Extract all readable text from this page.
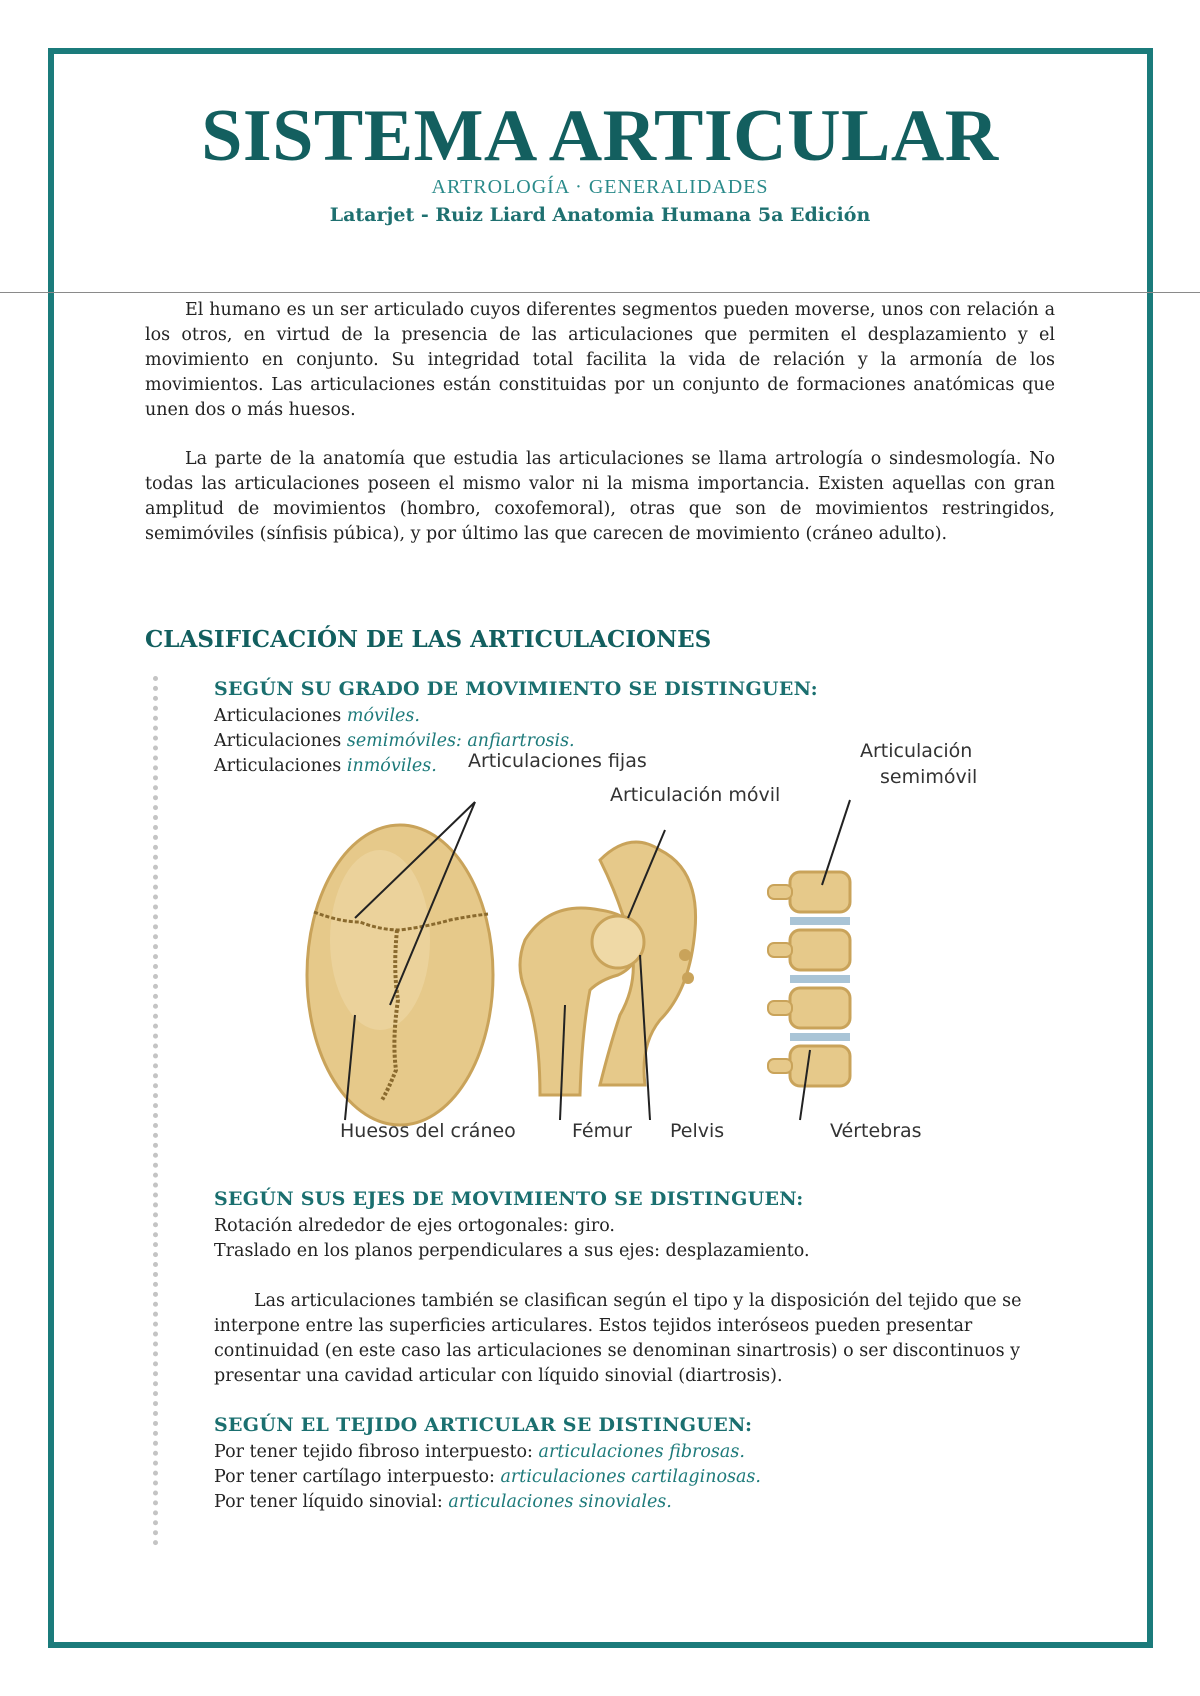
SISTEMA ARTICULAR
ARTROLOGÍA · GENERALIDADES
Latarjet - Ruiz Liard Anatomia Humana 5a Edición

El humano es un ser articulado cuyos diferentes segmentos pueden moverse, unos con relación a los otros, en virtud de la presencia de las articulaciones que permiten el desplazamiento y el movimiento en conjunto. Su integridad total facilita la vida de relación y la armonía de los movimientos. Las articulaciones están constituidas por un conjunto de formaciones anatómicas que unen dos o más huesos.

La parte de la anatomía que estudia las articulaciones se llama artrología o sindesmología. No todas las articulaciones poseen el mismo valor ni la misma importancia. Existen aquellas con gran amplitud de movimientos (hombro, coxofemoral), otras que son de movimientos restringidos, semimóviles (sínfisis púbica), y por último las que carecen de movimiento (cráneo adulto).

CLASIFICACIÓN DE LAS ARTICULACIONES
SEGÚN SU GRADO DE MOVIMIENTO SE DISTINGUEN:
Articulaciones móviles.
Articulaciones semimóviles: anfiartrosis.
Articulaciones inmóviles.	Articulaciones fijas
Articulación móvil
Articulación
semimóvil
Huesos del cráneo	Fémur Pelvis	Vértebras
SEGÚN SUS EJES DE MOVIMIENTO SE DISTINGUEN:
Rotación alrededor de ejes ortogonales: giro.
Traslado en los planos perpendiculares a sus ejes: desplazamiento.

Las articulaciones también se clasifican según el tipo y la disposición del tejido que se interpone entre las superficies articulares. Estos tejidos interóseos pueden presentar continuidad (en este caso las articulaciones se denominan sinartrosis) o ser discontinuos y presentar una cavidad articular con líquido sinovial (diartrosis).

SEGÚN EL TEJIDO ARTICULAR SE DISTINGUEN:
Por tener tejido fibroso interpuesto: articulaciones fibrosas.
Por tener cartílago interpuesto: articulaciones cartilaginosas.
Por tener líquido sinovial: articulaciones sinoviales.
